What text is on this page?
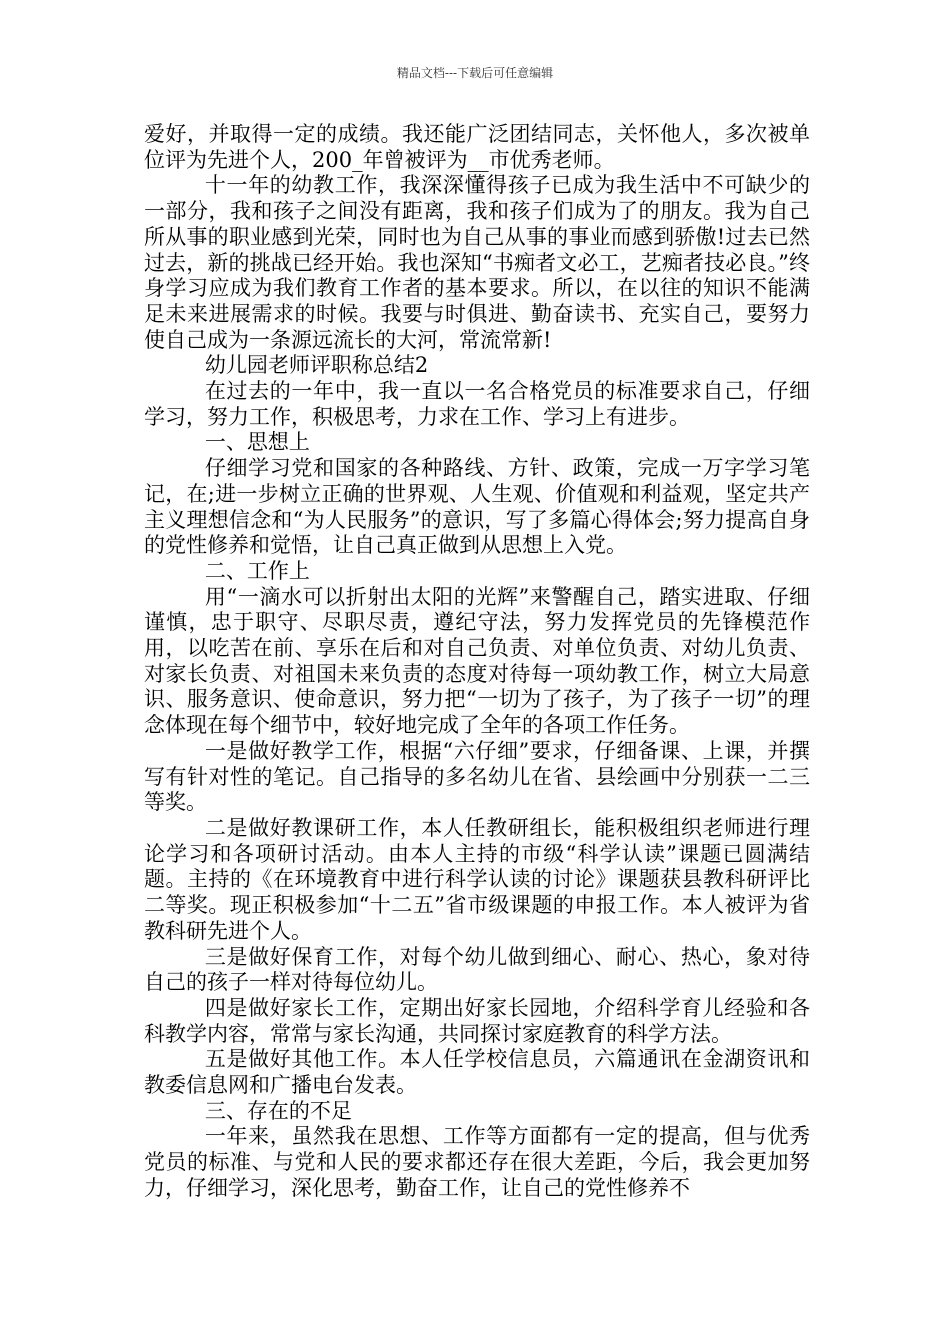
精品文档---下载后可任意编辑

爱好，并取得一定的成绩。我还能广泛团结同志，关怀他人，多次被单位评为先进个人，200_年曾被评为__市优秀老师。

十一年的幼教工作，我深深懂得孩子已成为我生活中不可缺少的一部分，我和孩子之间没有距离，我和孩子们成为了的朋友。我为自己所从事的职业感到光荣，同时也为自己从事的事业而感到骄傲!过去已然过去，新的挑战已经开始。我也深知“书痴者文必工，艺痴者技必良。”终身学习应成为我们教育工作者的基本要求。所以，在以往的知识不能满足未来进展需求的时候。我要与时俱进、勤奋读书、充实自己，要努力使自己成为一条源远流长的大河，常流常新!

幼儿园老师评职称总结2

在过去的一年中，我一直以一名合格党员的标准要求自己，仔细学习，努力工作，积极思考，力求在工作、学习上有进步。

一、思想上

仔细学习党和国家的各种路线、方针、政策，完成一万字学习笔记，在;进一步树立正确的世界观、人生观、价值观和利益观，坚定共产主义理想信念和“为人民服务”的意识，写了多篇心得体会;努力提高自身的党性修养和觉悟，让自己真正做到从思想上入党。

二、工作上

用“一滴水可以折射出太阳的光辉”来警醒自己，踏实进取、仔细谨慎，忠于职守、尽职尽责，遵纪守法，努力发挥党员的先锋模范作用，以吃苦在前、享乐在后和对自己负责、对单位负责、对幼儿负责、对家长负责、对祖国未来负责的态度对待每一项幼教工作，树立大局意识、服务意识、使命意识，努力把“一切为了孩子，为了孩子一切”的理念体现在每个细节中，较好地完成了全年的各项工作任务。

一是做好教学工作，根据“六仔细”要求，仔细备课、上课，并撰写有针对性的笔记。自己指导的多名幼儿在省、县绘画中分别获一二三等奖。

二是做好教课研工作，本人任教研组长，能积极组织老师进行理论学习和各项研讨活动。由本人主持的市级“科学认读”课题已圆满结题。主持的《在环境教育中进行科学认读的讨论》课题获县教科研评比二等奖。现正积极参加“十二五”省市级课题的申报工作。本人被评为省教科研先进个人。

三是做好保育工作，对每个幼儿做到细心、耐心、热心，象对待自己的孩子一样对待每位幼儿。

四是做好家长工作，定期出好家长园地，介绍科学育儿经验和各科教学内容，常常与家长沟通，共同探讨家庭教育的科学方法。

五是做好其他工作。本人任学校信息员，六篇通讯在金湖资讯和教委信息网和广播电台发表。

三、存在的不足

一年来，虽然我在思想、工作等方面都有一定的提高，但与优秀党员的标准、与党和人民的要求都还存在很大差距，今后，我会更加努力，仔细学习，深化思考，勤奋工作，让自己的党性修养不
